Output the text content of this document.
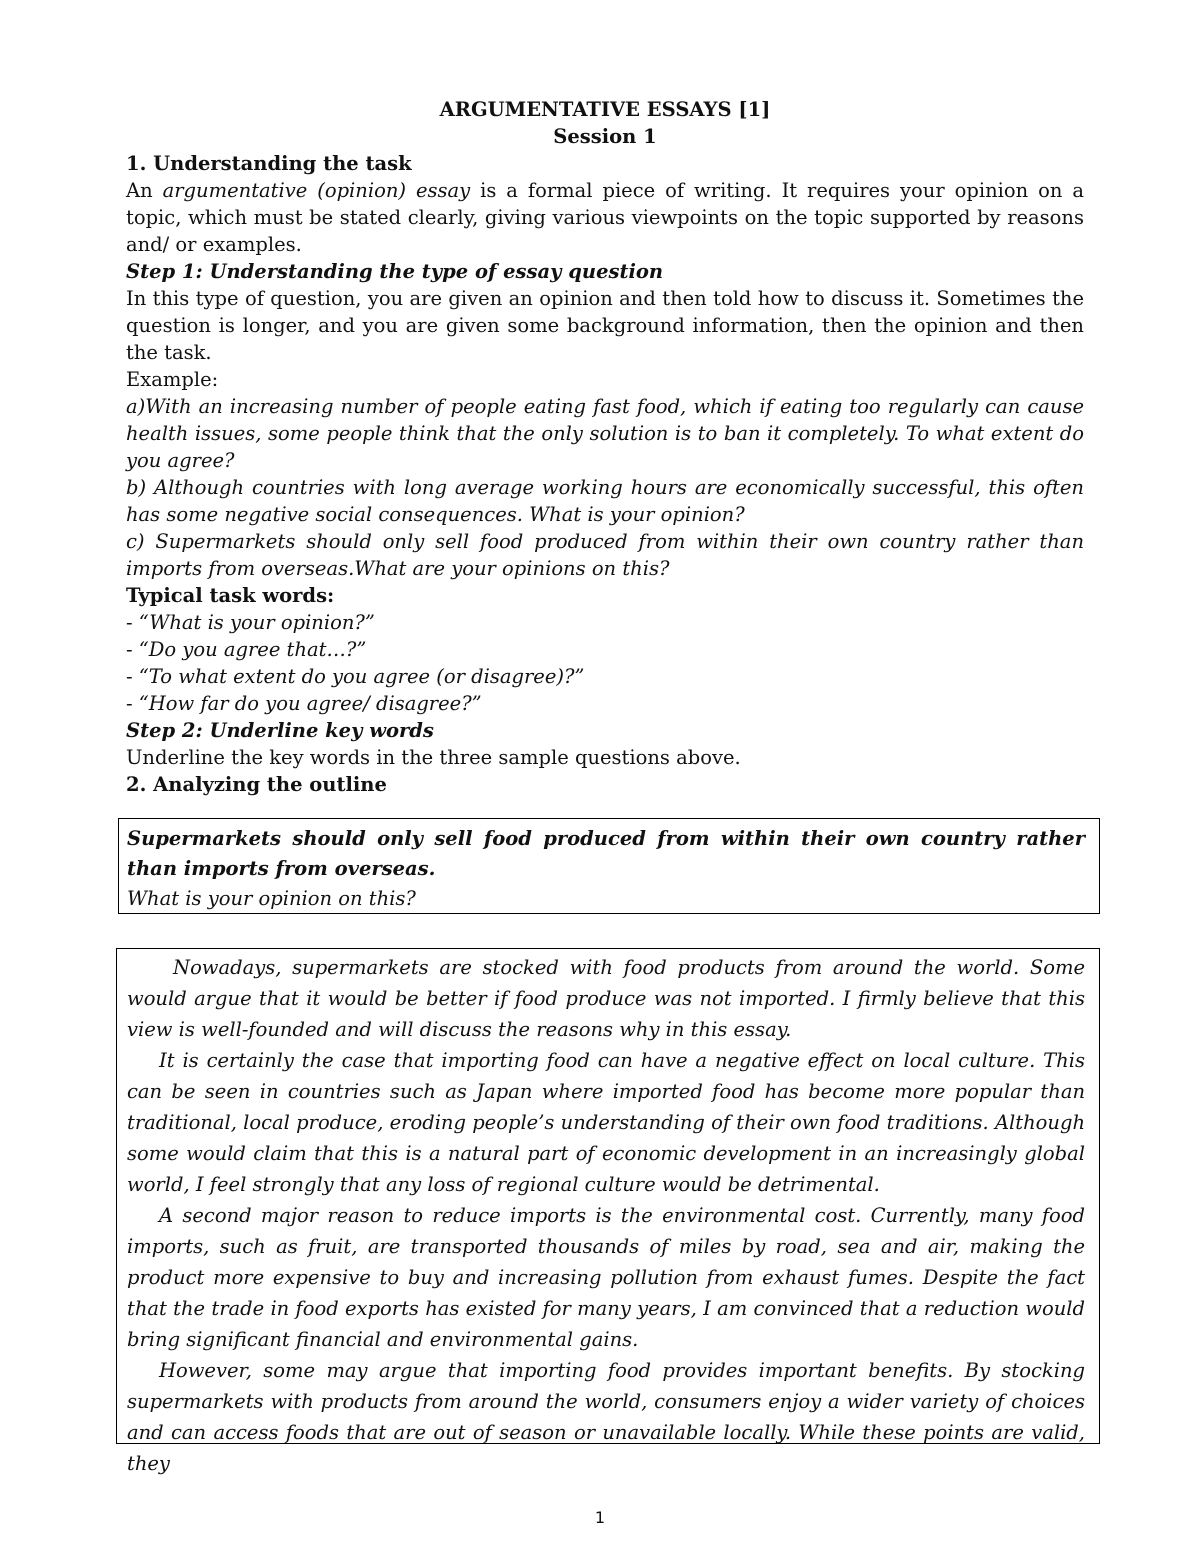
ARGUMENTATIVE ESSAYS [1]
Session 1
1. Understanding the task
An argumentative (opinion) essay is a formal piece of writing. It requires your opinion on a topic, which must be stated clearly, giving various viewpoints on the topic supported by reasons and/ or examples.
Step 1: Understanding the type of essay question
In this type of question, you are given an opinion and then told how to discuss it. Sometimes the question is longer, and you are given some background information, then the opinion and then the task.
Example:
a)With an increasing number of people eating fast food, which if eating too regularly can cause health issues, some people think that the only solution is to ban it completely. To what extent do you agree?
b) Although countries with long average working hours are economically successful, this often has some negative social consequences. What is your opinion?
c) Supermarkets should only sell food produced from within their own country rather than imports from overseas.What are your opinions on this?
Typical task words:
- “What is your opinion?”
- “Do you agree that…?”
- “To what extent do you agree (or disagree)?”
- “How far do you agree/ disagree?”
Step 2: Underline key words
Underline the key words in the three sample questions above.
2. Analyzing the outline
Supermarkets should only sell food produced from within their own country rather than imports from overseas.
What is your opinion on this?

Nowadays, supermarkets are stocked with food products from around the world. Some would argue that it would be better if food produce was not imported. I firmly believe that this view is well-founded and will discuss the reasons why in this essay.

It is certainly the case that importing food can have a negative effect on local culture. This can be seen in countries such as Japan where imported food has become more popular than traditional, local produce, eroding people’s understanding of their own food traditions. Although some would claim that this is a natural part of economic development in an increasingly global world, I feel strongly that any loss of regional culture would be detrimental.

A second major reason to reduce imports is the environmental cost. Currently, many food imports, such as fruit, are transported thousands of miles by road, sea and air, making the product more expensive to buy and increasing pollution from exhaust fumes. Despite the fact that the trade in food exports has existed for many years, I am convinced that a reduction would bring significant financial and environmental gains.

However, some may argue that importing food provides important benefits. By stocking supermarkets with products from around the world, consumers enjoy a wider variety of choices and can access foods that are out of season or unavailable locally. While these points are valid, they

1
